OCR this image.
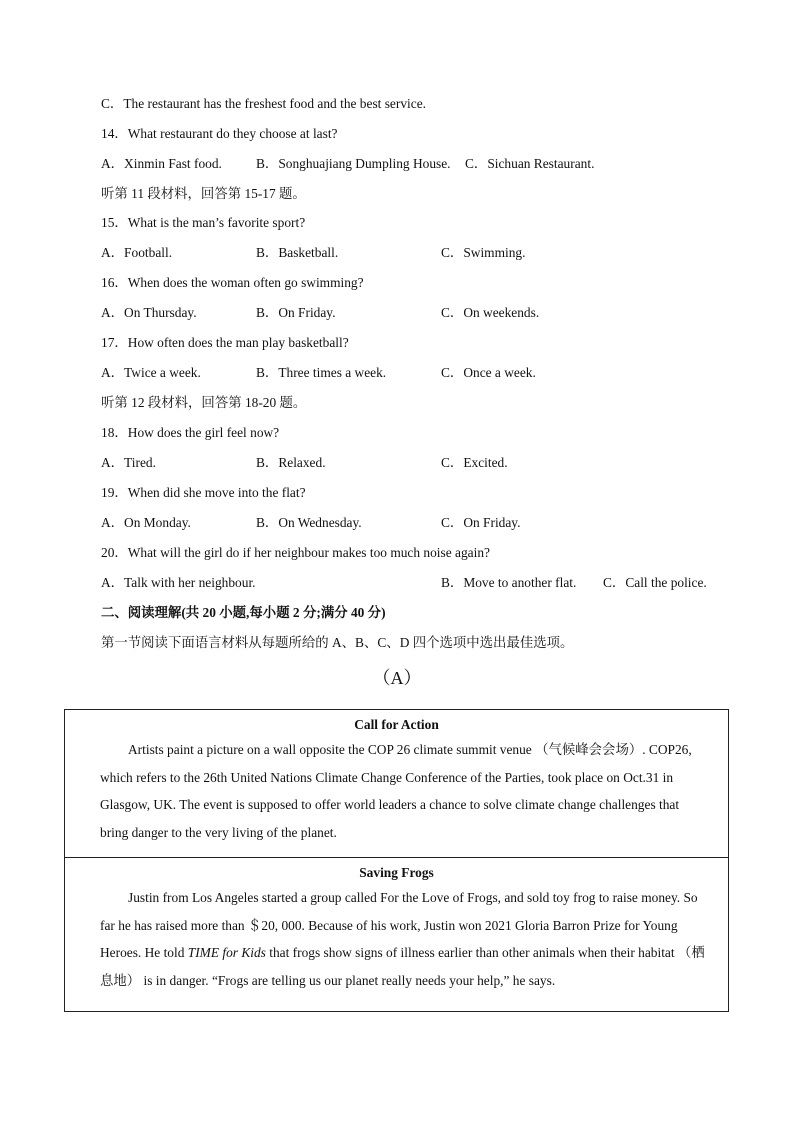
C．The restaurant has the freshest food and the best service.
14．What restaurant do they choose at last?
A．Xinmin Fast food.	B．Songhuajiang Dumpling House. C．Sichuan Restaurant.
听第 11 段材料，回答第 15-17 题。
15．What is the man’s favorite sport?
A．Football.	B．Basketball.	C．Swimming.
16．When does the woman often go swimming?
A．On Thursday.	B．On Friday.	C．On weekends.
17．How often does the man play basketball?
A．Twice a week.	B．Three times a week.	C．Once a week.
听第 12 段材料，回答第 18-20 题。
18．How does the girl feel now?
A．Tired.	B．Relaxed.	C．Excited.
19．When did she move into the flat?
A．On Monday.	B．On Wednesday.	C．On Friday.
20．What will the girl do if her neighbour makes too much noise again?
A．Talk with her neighbour.	B．Move to another flat. C．Call the police.
二、阅读理解(共 20 小题,每小题 2 分;满分 40 分)
第一节阅读下面语言材料从每题所给的 A、B、C、D 四个选项中选出最佳选项。
（A）
Call for Action

Artists paint a picture on a wall opposite the COP 26 climate summit venue （气候峰会会场）. COP26, which refers to the 26th United Nations Climate Change Conference of the Parties, took place on Oct.31 in Glasgow, UK. The event is supposed to offer world leaders a chance to solve climate change challenges that bring danger to the very living of the planet.

Saving Frogs

Justin from Los Angeles started a group called For the Love of Frogs, and sold toy frog to raise money. So far he has raised more than ＄20, 000. Because of his work, Justin won 2021 Gloria Barron Prize for Young Heroes. He told TIME for Kids that frogs show signs of illness earlier than other animals when their habitat （栖息地） is in danger. “Frogs are telling us our planet really needs your help,” he says.
